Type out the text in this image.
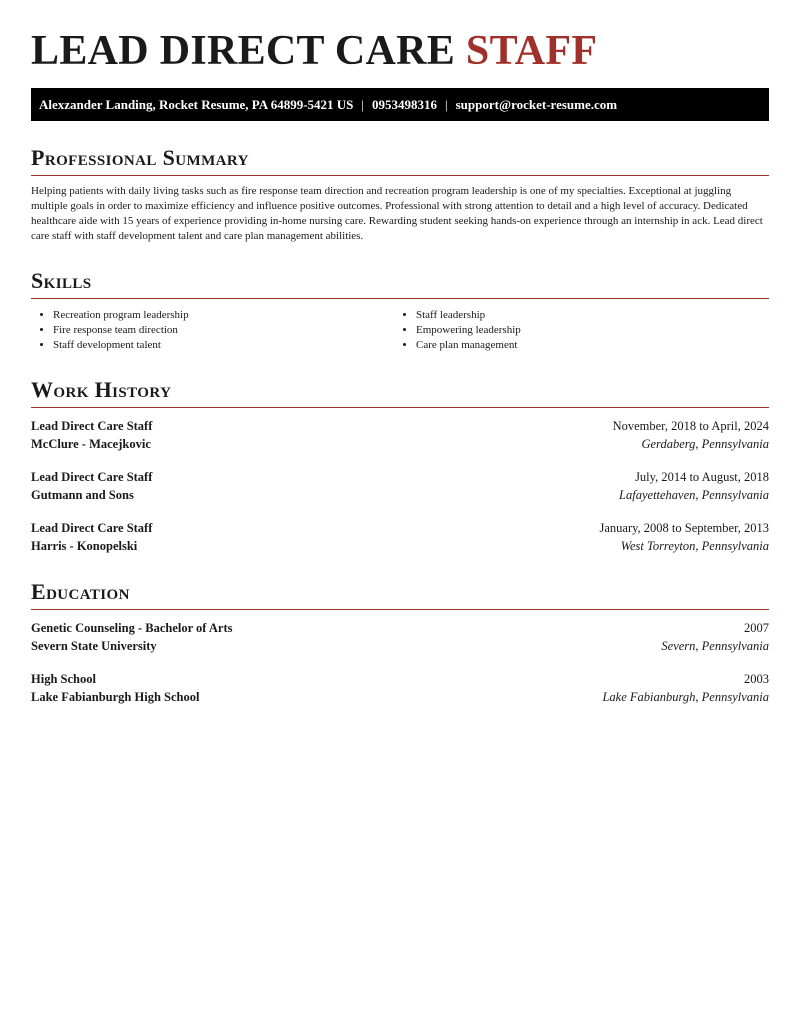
LEAD DIRECT CARE STAFF
Alexzander Landing, Rocket Resume, PA 64899-5421 US | 0953498316 | support@rocket-resume.com
Professional Summary

Helping patients with daily living tasks such as fire response team direction and recreation program leadership is one of my specialties. Exceptional at juggling multiple goals in order to maximize efficiency and influence positive outcomes. Professional with strong attention to detail and a high level of accuracy. Dedicated healthcare aide with 15 years of experience providing in-home nursing care. Rewarding student seeking hands-on experience through an internship in ack. Lead direct care staff with staff development talent and care plan management abilities.

Skills
• Recreation program leadership
• Fire response team direction
• Staff development talent
• Staff leadership
• Empowering leadership
• Care plan management
Work History
Lead Direct Care Staff	November, 2018 to April, 2024
McClure - Macejkovic	Gerdaberg, Pennsylvania
Lead Direct Care Staff	July, 2014 to August, 2018
Gutmann and Sons	Lafayettehaven, Pennsylvania
Lead Direct Care Staff	January, 2008 to September, 2013
Harris - Konopelski	West Torreyton, Pennsylvania
Education
Genetic Counseling - Bachelor of Arts	2007
Severn State University	Severn, Pennsylvania
High School	2003
Lake Fabianburgh High School	Lake Fabianburgh, Pennsylvania
